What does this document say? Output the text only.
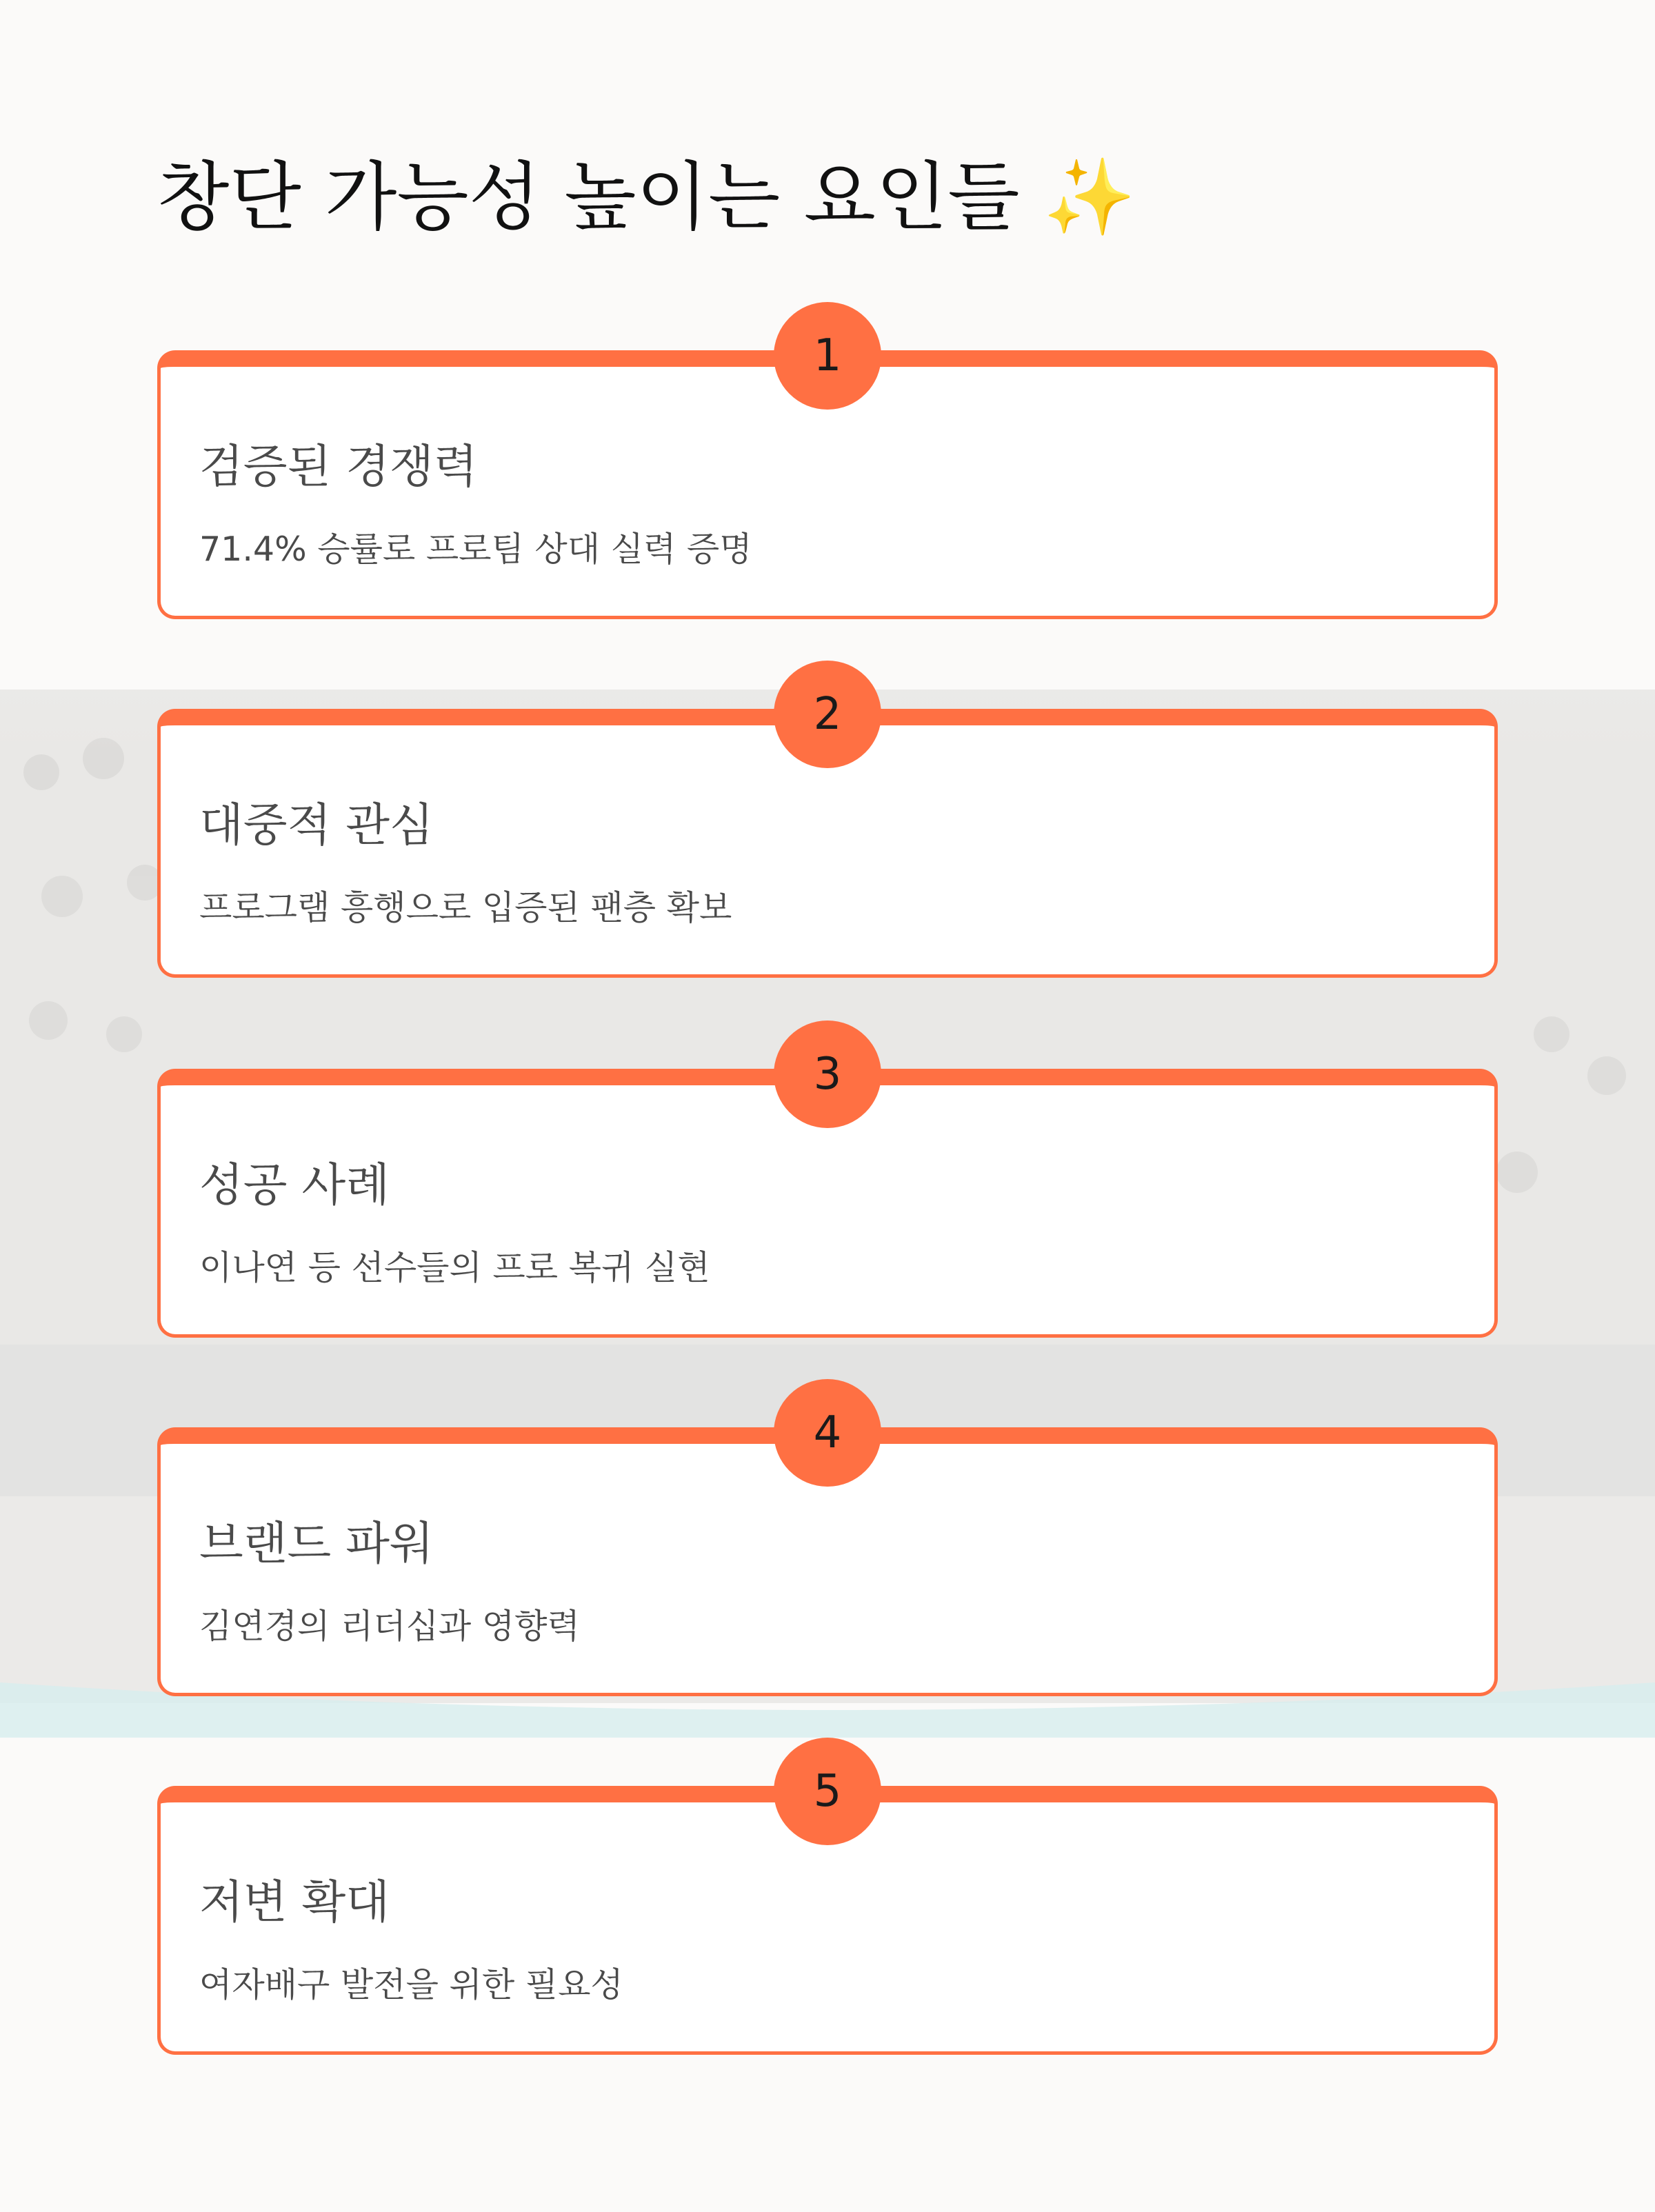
창단 가능성 높이는 요인들 ✨
1
검증된 경쟁력
71.4% 승률로 프로팀 상대 실력 증명
2
대중적 관심
프로그램 흥행으로 입증된 팬층 확보
3
성공 사례
이나연 등 선수들의 프로 복귀 실현
4
브랜드 파워
김연경의 리더십과 영향력
5
저변 확대
여자배구 발전을 위한 필요성
